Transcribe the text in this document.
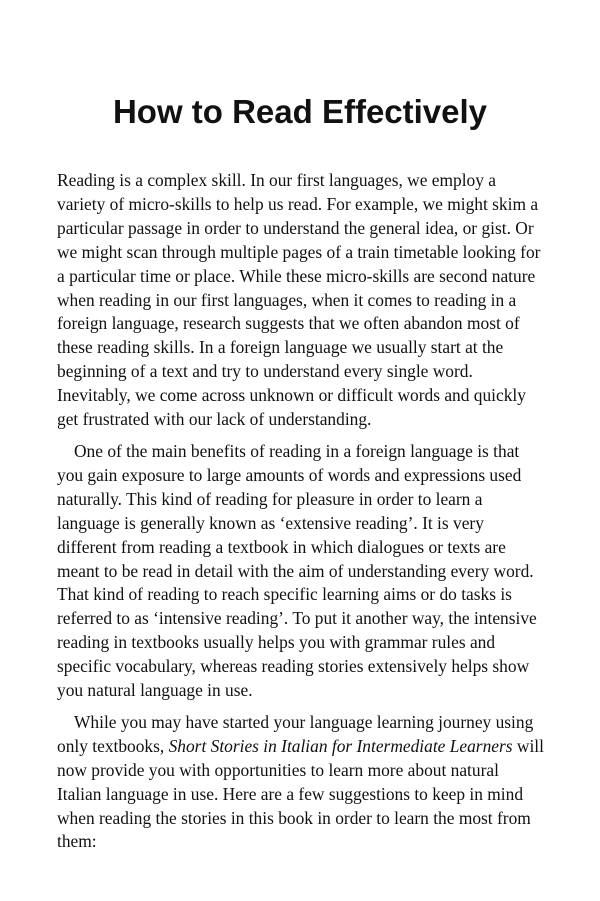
How to Read Effectively

Reading is a complex skill. In our first languages, we employ a variety of micro-skills to help us read. For example, we might skim a particular passage in order to understand the general idea, or gist. Or we might scan through multiple pages of a train timetable looking for a particular time or place. While these micro-skills are second nature when reading in our first languages, when it comes to reading in a foreign language, research suggests that we often abandon most of these reading skills. In a foreign language we usually start at the beginning of a text and try to understand every single word. Inevitably, we come across unknown or difficult words and quickly get frustrated with our lack of understanding.

One of the main benefits of reading in a foreign language is that you gain exposure to large amounts of words and expressions used naturally. This kind of reading for pleasure in order to learn a language is generally known as ‘extensive reading’. It is very different from reading a textbook in which dialogues or texts are meant to be read in detail with the aim of understanding every word. That kind of reading to reach specific learning aims or do tasks is referred to as ‘intensive reading’. To put it another way, the intensive reading in textbooks usually helps you with grammar rules and specific vocabulary, whereas reading stories extensively helps show you natural language in use.

While you may have started your language learning journey using only textbooks, Short Stories in Italian for Intermediate Learners will now provide you with opportunities to learn more about natural Italian language in use. Here are a few suggestions to keep in mind when reading the stories in this book in order to learn the most from them:
